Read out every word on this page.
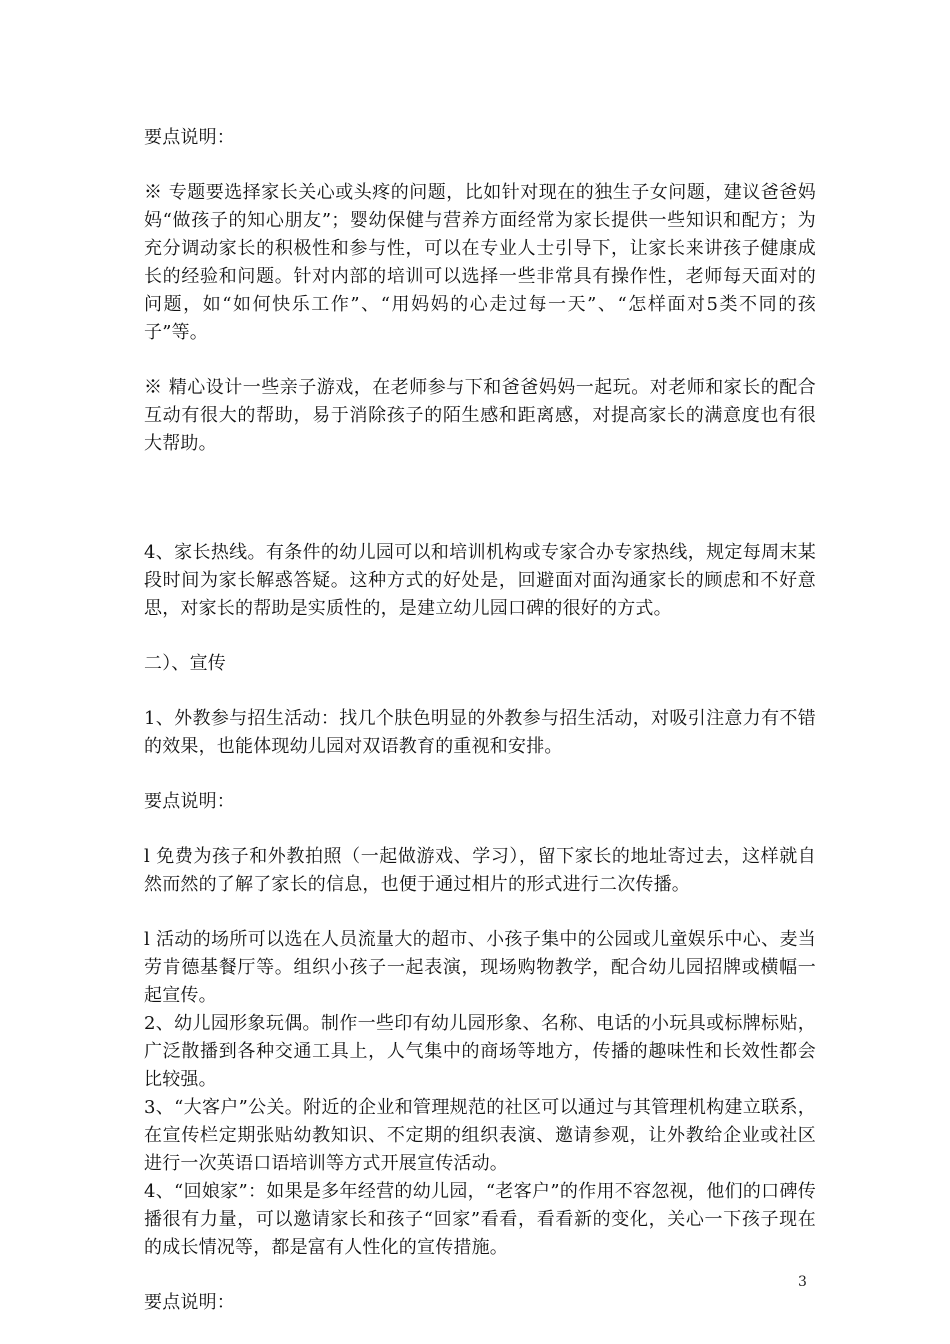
要点说明：

※ 专题要选择家长关心或头疼的问题，比如针对现在的独生子女问题，建议爸爸妈妈“做孩子的知心朋友”；婴幼保健与营养方面经常为家长提供一些知识和配方；为充分调动家长的积极性和参与性，可以在专业人士引导下，让家长来讲孩子健康成长的经验和问题。针对内部的培训可以选择一些非常具有操作性，老师每天面对的问题，如“如何快乐工作”、“用妈妈的心走过每一天”、“怎样面对5类不同的孩子”等。

※ 精心设计一些亲子游戏，在老师参与下和爸爸妈妈一起玩。对老师和家长的配合互动有很大的帮助，易于消除孩子的陌生感和距离感，对提高家长的满意度也有很大帮助。

4、家长热线。有条件的幼儿园可以和培训机构或专家合办专家热线，规定每周末某段时间为家长解惑答疑。这种方式的好处是，回避面对面沟通家长的顾虑和不好意思，对家长的帮助是实质性的，是建立幼儿园口碑的很好的方式。

二）、宣传

1、外教参与招生活动：找几个肤色明显的外教参与招生活动，对吸引注意力有不错的效果，也能体现幼儿园对双语教育的重视和安排。

要点说明：

l 免费为孩子和外教拍照（一起做游戏、学习），留下家长的地址寄过去，这样就自然而然的了解了家长的信息，也便于通过相片的形式进行二次传播。

l 活动的场所可以选在人员流量大的超市、小孩子集中的公园或儿童娱乐中心、麦当劳肯德基餐厅等。组织小孩子一起表演，现场购物教学，配合幼儿园招牌或横幅一起宣传。

2、幼儿园形象玩偶。制作一些印有幼儿园形象、名称、电话的小玩具或标牌标贴，广泛散播到各种交通工具上，人气集中的商场等地方，传播的趣味性和长效性都会比较强。

3、“大客户”公关。附近的企业和管理规范的社区可以通过与其管理机构建立联系，在宣传栏定期张贴幼教知识、不定期的组织表演、邀请参观，让外教给企业或社区进行一次英语口语培训等方式开展宣传活动。

4、“回娘家”：如果是多年经营的幼儿园，“老客户”的作用不容忽视，他们的口碑传播很有力量，可以邀请家长和孩子“回家”看看，看看新的变化，关心一下孩子现在的成长情况等，都是富有人性化的宣传措施。

要点说明：

3
